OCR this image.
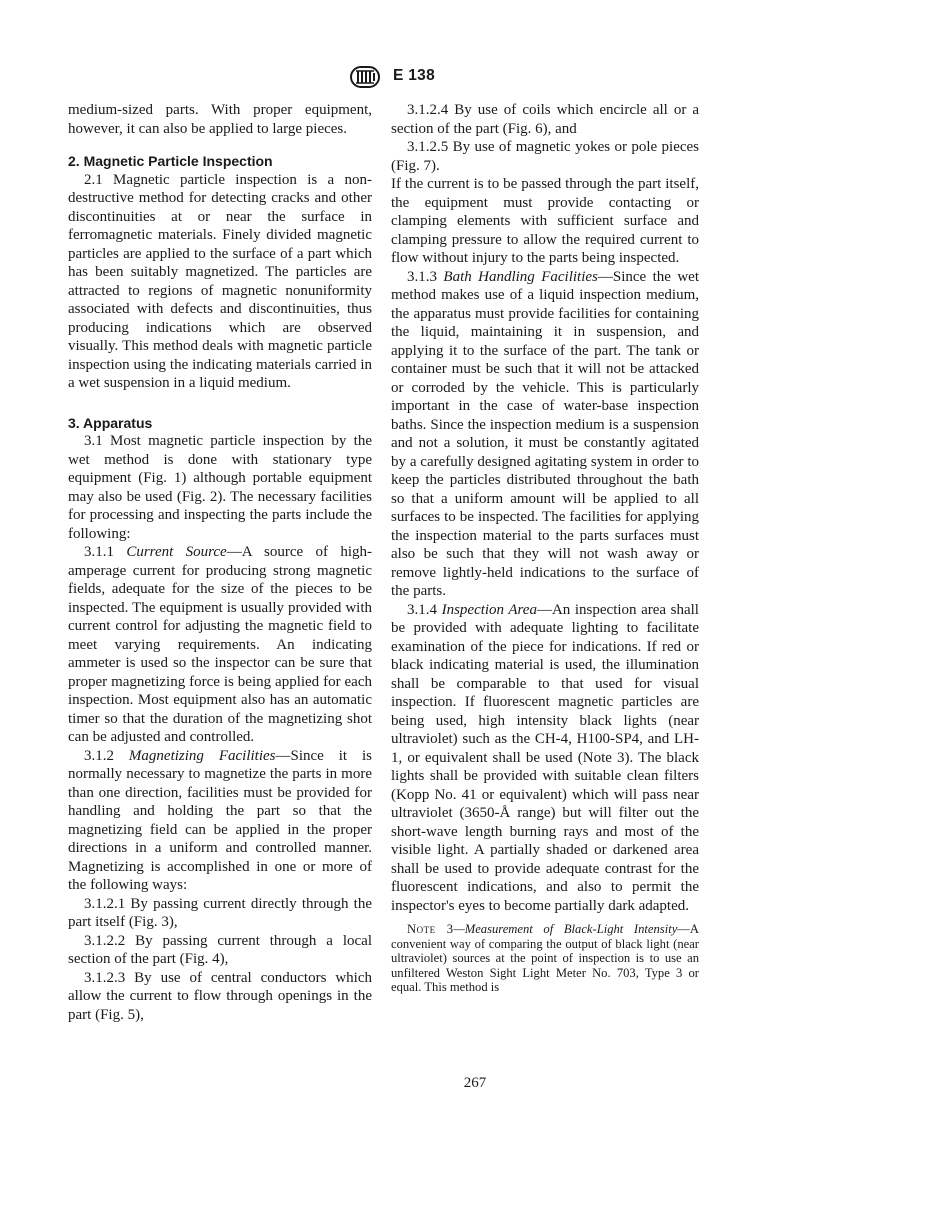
E 138

medium-sized parts. With proper equipment, however, it can also be applied to large pieces.

2. Magnetic Particle Inspection

2.1 Magnetic particle inspection is a non-destructive method for detecting cracks and other discontinuities at or near the surface in ferromagnetic materials. Finely divided magnetic particles are applied to the surface of a part which has been suitably magnetized. The particles are attracted to regions of magnetic nonuniformity associated with defects and discontinuities, thus producing indications which are observed visually. This method deals with magnetic particle inspection using the indicating materials carried in a wet suspension in a liquid medium.

3. Apparatus

3.1 Most magnetic particle inspection by the wet method is done with stationary type equipment (Fig. 1) although portable equipment may also be used (Fig. 2). The necessary facilities for processing and inspecting the parts include the following:

3.1.1 Current Source—A source of high-amperage current for producing strong magnetic fields, adequate for the size of the pieces to be inspected. The equipment is usually provided with current control for adjusting the magnetic field to meet varying requirements. An indicating ammeter is used so the inspector can be sure that proper magnetizing force is being applied for each inspection. Most equipment also has an automatic timer so that the duration of the magnetizing shot can be adjusted and controlled.

3.1.2 Magnetizing Facilities—Since it is normally necessary to magnetize the parts in more than one direction, facilities must be provided for handling and holding the part so that the magnetizing field can be applied in the proper directions in a uniform and controlled manner. Magnetizing is accomplished in one or more of the following ways:

3.1.2.1 By passing current directly through the part itself (Fig. 3),

3.1.2.2 By passing current through a local section of the part (Fig. 4),

3.1.2.3 By use of central conductors which allow the current to flow through openings in the part (Fig. 5),

3.1.2.4 By use of coils which encircle all or a section of the part (Fig. 6), and

3.1.2.5 By use of magnetic yokes or pole pieces (Fig. 7).

If the current is to be passed through the part itself, the equipment must provide contacting or clamping elements with sufficient surface and clamping pressure to allow the required current to flow without injury to the parts being inspected.

3.1.3 Bath Handling Facilities—Since the wet method makes use of a liquid inspection medium, the apparatus must provide facilities for containing the liquid, maintaining it in suspension, and applying it to the surface of the part. The tank or container must be such that it will not be attacked or corroded by the vehicle. This is particularly important in the case of water-base inspection baths. Since the inspection medium is a suspension and not a solution, it must be constantly agitated by a carefully designed agitating system in order to keep the particles distributed throughout the bath so that a uniform amount will be applied to all surfaces to be inspected. The facilities for applying the inspection material to the parts surfaces must also be such that they will not wash away or remove lightly-held indications to the surface of the parts.

3.1.4 Inspection Area—An inspection area shall be provided with adequate lighting to facilitate examination of the piece for indications. If red or black indicating material is used, the illumination shall be comparable to that used for visual inspection. If fluorescent magnetic particles are being used, high intensity black lights (near ultraviolet) such as the CH-4, H100-SP4, and LH-1, or equivalent shall be used (Note 3). The black lights shall be provided with suitable clean filters (Kopp No. 41 or equivalent) which will pass near ultraviolet (3650-Å range) but will filter out the short-wave length burning rays and most of the visible light. A partially shaded or darkened area shall be used to provide adequate contrast for the fluorescent indications, and also to permit the inspector's eyes to become partially dark adapted.

Note 3—Measurement of Black-Light Intensity—A convenient way of comparing the output of black light (near ultraviolet) sources at the point of inspection is to use an unfiltered Weston Sight Light Meter No. 703, Type 3 or equal. This method is

267
